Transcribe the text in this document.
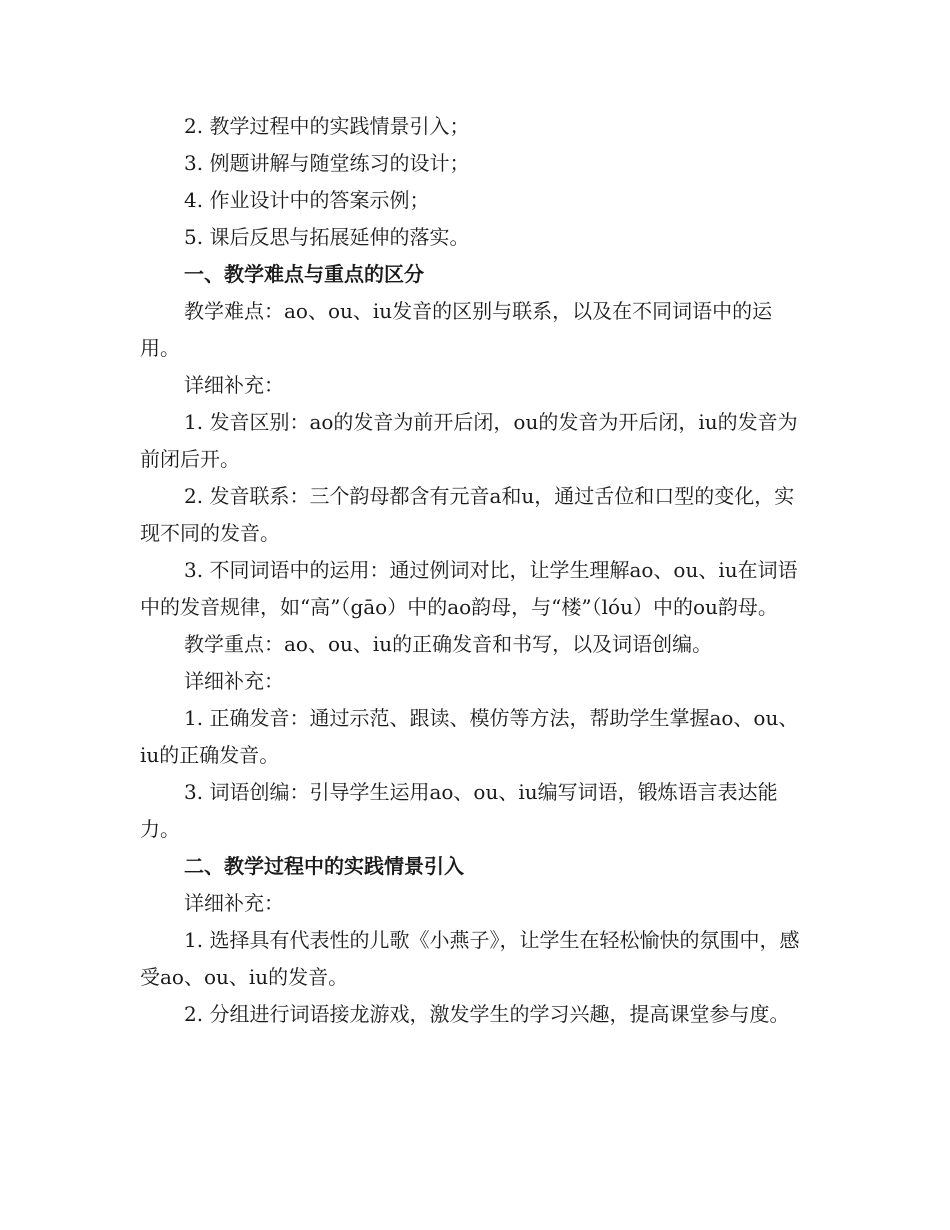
2. 教学过程中的实践情景引入；

3. 例题讲解与随堂练习的设计；

4. 作业设计中的答案示例；

5. 课后反思与拓展延伸的落实。

一、教学难点与重点的区分

教学难点：ao、ou、iu发音的区别与联系，以及在不同词语中的运用。

详细补充：

1. 发音区别：ao的发音为前开后闭，ou的发音为开后闭，iu的发音为前闭后开。

2. 发音联系：三个韵母都含有元音a和u，通过舌位和口型的变化，实现不同的发音。

3. 不同词语中的运用：通过例词对比，让学生理解ao、ou、iu在词语中的发音规律，如“高”（gāo）中的ao韵母，与“楼”（lóu）中的ou韵母。

教学重点：ao、ou、iu的正确发音和书写，以及词语创编。

详细补充：

1. 正确发音：通过示范、跟读、模仿等方法，帮助学生掌握ao、ou、iu的正确发音。

3. 词语创编：引导学生运用ao、ou、iu编写词语，锻炼语言表达能力。

二、教学过程中的实践情景引入

详细补充：

1. 选择具有代表性的儿歌《小燕子》，让学生在轻松愉快的氛围中，感受ao、ou、iu的发音。

2. 分组进行词语接龙游戏，激发学生的学习兴趣，提高课堂参与度。
